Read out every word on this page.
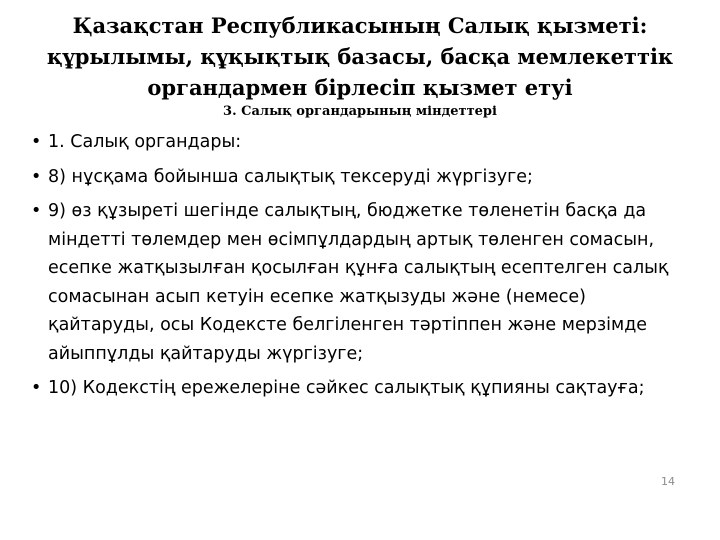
Қазақстан Республикасының Салық қызметі:
құрылымы, құқықтық базасы, басқа мемлекеттік
органдармен бірлесіп қызмет етуі
3. Салық органдарының міндеттері
• 1. Салық органдары:
• 8) нұсқама бойынша салықтық тексеруді жүргізуге;
• 9) өз құзыреті шегінде салықтың, бюджетке төленетін басқа да міндетті төлемдер мен өсімпұлдардың артық төленген сомасын, есепке жатқызылған қосылған құнға салықтың есептелген салық сомасынан асып кетуін есепке жатқызуды және (немесе) қайтаруды, осы Кодексте белгіленген тәртіппен және мерзімде айыппұлды қайтаруды жүргізуге;
• 10) Кодекстің ережелеріне сәйкес салықтық құпияны сақтауға;
14
